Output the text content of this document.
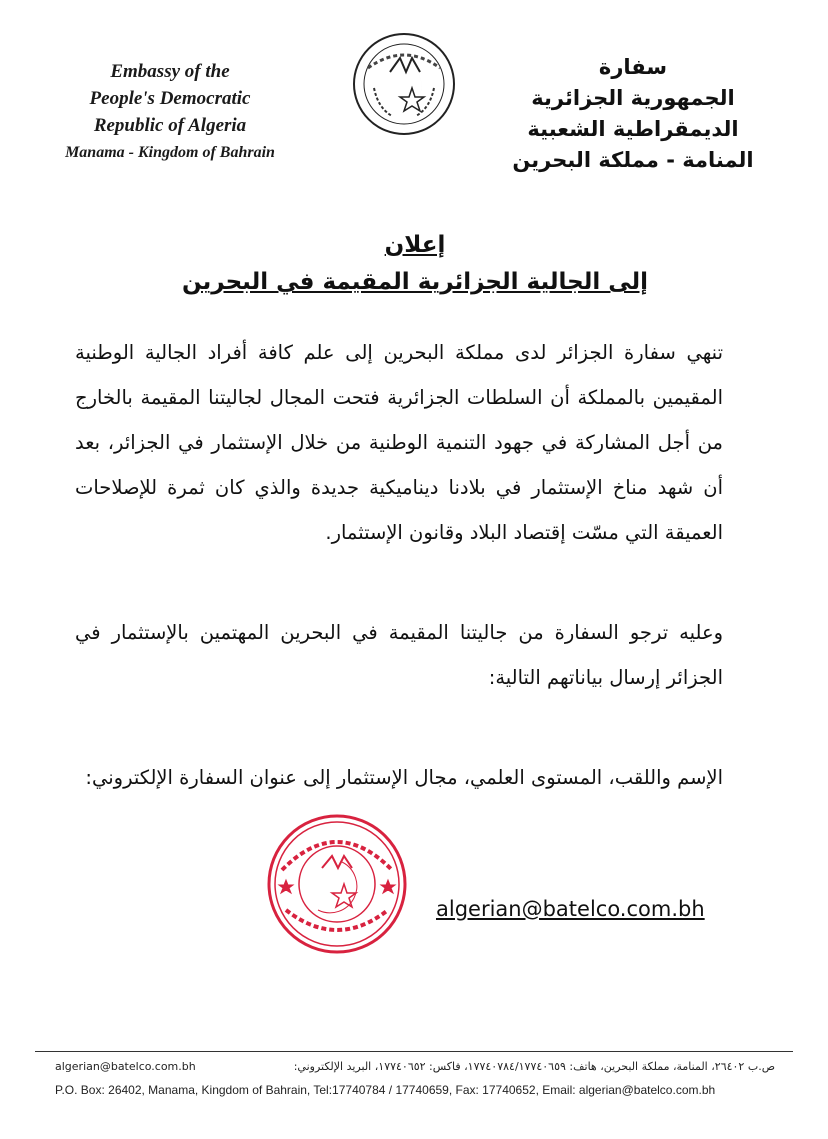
Embassy of the
People's Democratic
Republic of Algeria
Manama - Kingdom of Bahrain
سفارة
الجمهورية الجزائرية
الديمقراطية الشعبية
المنامة - مملكة البحرين
إعلان
إلى الجالية الجزائرية المقيمة في البحرين
تنهي سفارة الجزائر لدى مملكة البحرين إلى علم كافة أفراد الجالية الوطنية المقيمين بالمملكة أن السلطات الجزائرية فتحت المجال لجاليتنا المقيمة بالخارج من أجل المشاركة في جهود التنمية الوطنية من خلال الإستثمار في الجزائر، بعد أن شهد مناخ الإستثمار في بلادنا ديناميكية جديدة والذي كان ثمرة للإصلاحات العميقة التي مسّت إقتصاد البلاد وقانون الإستثمار.
وعليه ترجو السفارة من جاليتنا المقيمة في البحرين المهتمين بالإستثمار في الجزائر إرسال بياناتهم التالية:
الإسم واللقب، المستوى العلمي، مجال الإستثمار إلى عنوان السفارة الإلكتروني:
algerian@batelco.com.bh
algerian@batelco.com.bh	ص.ب ٢٦٤٠٢، المنامة، مملكة البحرين، هاتف: ١٧٧٤٠٧٨٤/١٧٧٤٠٦٥٩، فاكس: ١٧٧٤٠٦٥٢، البريد الإلكتروني:
P.O. Box: 26402, Manama, Kingdom of Bahrain, Tel:17740784 / 17740659, Fax: 17740652, Email: algerian@batelco.com.bh
